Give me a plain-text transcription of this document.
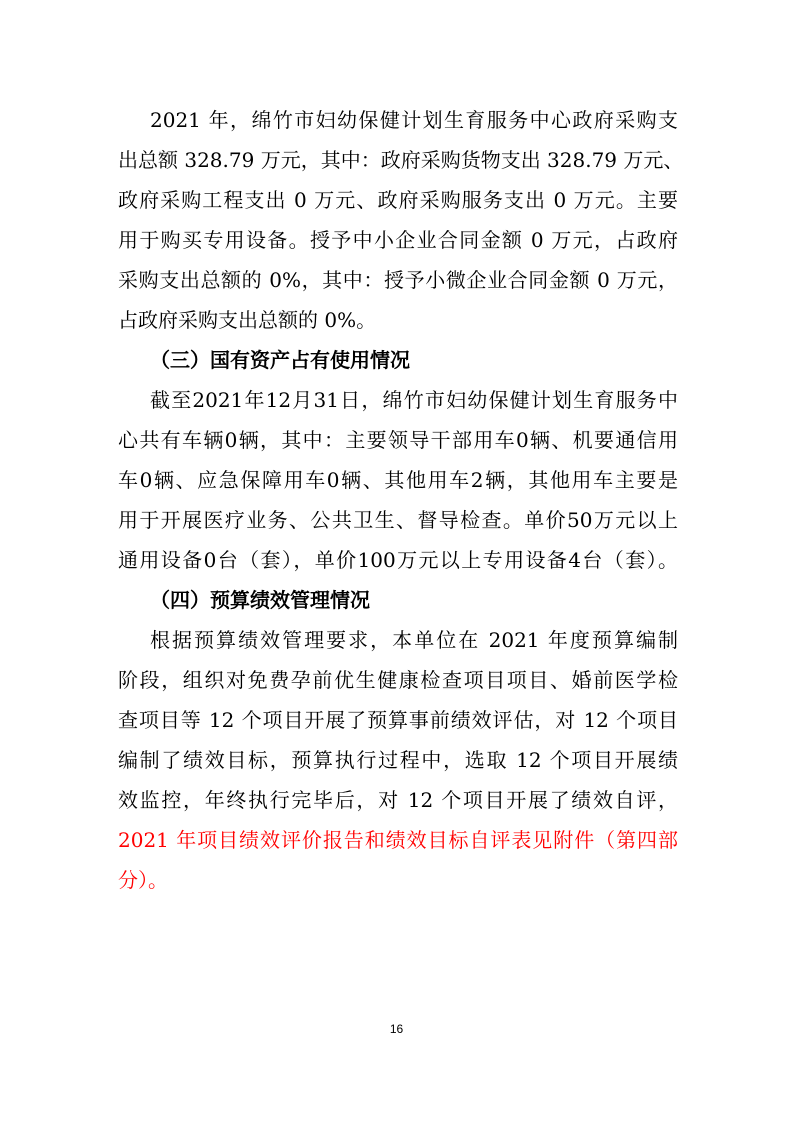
2021 年，绵竹市妇幼保健计划生育服务中心政府采购支
出总额 328.79 万元，其中：政府采购货物支出 328.79 万元、
政府采购工程支出 0 万元、政府采购服务支出 0 万元。主要
用于购买专用设备。授予中小企业合同金额 0 万元，占政府
采购支出总额的 0%，其中：授予小微企业合同金额 0 万元，
占政府采购支出总额的 0%。
（三）国有资产占有使用情况
截至2021年12月31日，绵竹市妇幼保健计划生育服务中
心共有车辆0辆，其中：主要领导干部用车0辆、机要通信用
车0辆、应急保障用车0辆、其他用车2辆，其他用车主要是
用于开展医疗业务、公共卫生、督导检查。单价50万元以上
通用设备0台（套），单价100万元以上专用设备4台（套）。
（四）预算绩效管理情况
根据预算绩效管理要求，本单位在 2021 年度预算编制
阶段，组织对免费孕前优生健康检查项目项目、婚前医学检
查项目等 12 个项目开展了预算事前绩效评估，对 12 个项目
编制了绩效目标，预算执行过程中，选取 12 个项目开展绩
效监控，年终执行完毕后，对 12 个项目开展了绩效自评，
2021 年项目绩效评价报告和绩效目标自评表见附件（第四部
分）。
16
